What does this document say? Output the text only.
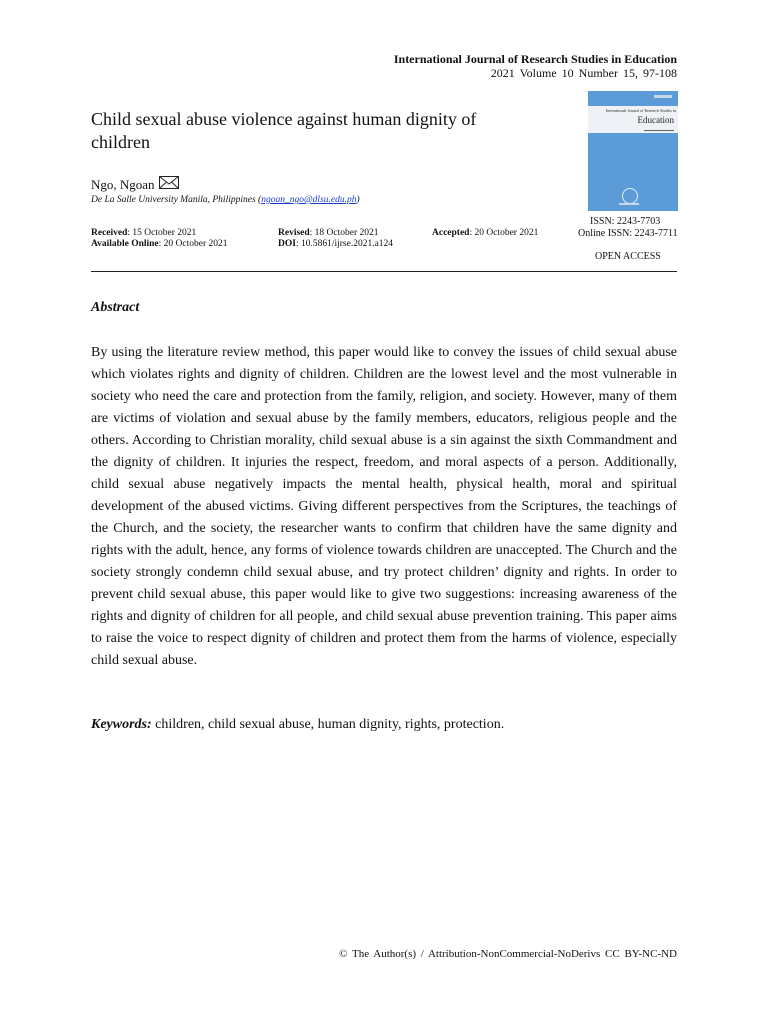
International Journal of Research Studies in Education
2021 Volume 10 Number 15, 97-108
Child sexual abuse violence against human dignity of children
Ngo, Ngoan
De La Salle University Manila, Philippines (ngoan_ngo@dlsu.edu.ph)
Received: 15 October 2021	Revised: 18 October 2021	Accepted: 20 October 2021
Available Online: 20 October 2021	DOI: 10.5861/ijrse.2021.a124
International Journal of Research Studies in
Education
▬▬▬▬▬▬▬▬▬▬
ISSN: 2243-7703
Online ISSN: 2243-7711
OPEN ACCESS
Abstract

By using the literature review method, this paper would like to convey the issues of child sexual abuse which violates rights and dignity of children. Children are the lowest level and the most vulnerable in society who need the care and protection from the family, religion, and society. However, many of them are victims of violation and sexual abuse by the family members, educators, religious people and the others. According to Christian morality, child sexual abuse is a sin against the sixth Commandment and the dignity of children. It injuries the respect, freedom, and moral aspects of a person. Additionally, child sexual abuse negatively impacts the mental health, physical health, moral and spiritual development of the abused victims. Giving different perspectives from the Scriptures, the teachings of the Church, and the society, the researcher wants to confirm that children have the same dignity and rights with the adult, hence, any forms of violence towards children are unaccepted. The Church and the society strongly condemn child sexual abuse, and try protect children’ dignity and rights. In order to prevent child sexual abuse, this paper would like to give two suggestions: increasing awareness of the rights and dignity of children for all people, and child sexual abuse prevention training. This paper aims to raise the voice to respect dignity of children and protect them from the harms of violence, especially child sexual abuse.

Keywords: children, child sexual abuse, human dignity, rights, protection.
© The Author(s) / Attribution-NonCommercial-NoDerivs CC BY-NC-ND
